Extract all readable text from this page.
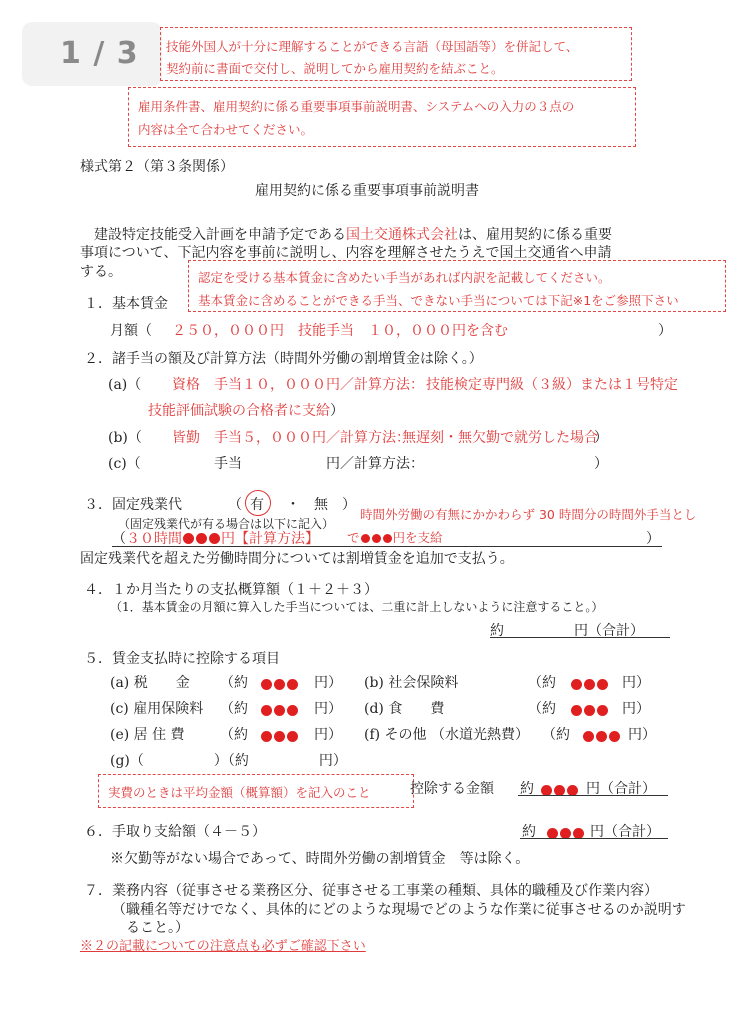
1 / 3 技能外国人が十分に理解することができる言語（母国語等）を併記して、
契約前に書面で交付し、説明してから雇用契約を結ぶこと。
雇用条件書、雇用契約に係る重要事項事前説明書、システムへの入力の３点の
内容は全て合わせてください。
様式第２（第３条関係）
雇用契約に係る重要事項事前説明書
　建設特定技能受入計画を申請予定である国土交通株式会社は、雇用契約に係る重要
事項について、下記内容を事前に説明し、内容を理解させたうえで国土交通省へ申請
する。	認定を受ける基本賃金に含めたい手当があれば内訳を記載してください。
基本賃金に含めることができる手当、できない手当については下記※1をご参照下さい
１．基本賃金
月額（ ２５０，０００円　技能手当　１０，０００円を含む	）
２．諸手当の額及び計算方法（時間外労働の割増賃金は除く。）
(a)（ 資格 手当１０，０００円／計算方法： 技能検定専門級（３級）または１号特定
技能評価試験の合格者に支給）
(b)（ 皆勤 手当５，０００円／計算方法：
無遅刻・無欠勤で就労した場合
）
(c)（	手当　　　　　　円／計算方法：	）
３．固定残業代	（ 有 ・ 無 ）
時間外労働の有無にかかわらず 30 時間分の時間外手当とし
（固定残業代が有る場合は以下に記入）
（３０時間	円【計算方法】 で	円を支給	）
固定残業代を超えた労働時間分については割増賃金を追加で支払う。
４．１か月当たりの支払概算額（１＋２＋３）
（1．基本賃金の月額に算入した手当については、二重に計上しないように注意すること。）
約　　　　　円（合計）
５．賃金支払時に控除する項目
(a) 税　　金 （約	円） (b) 社会保険料	（約	円）
(c) 雇用保険料 （約	円） (d) 食　　費	（約	円）
(e) 居 住 費	（約	円） (f) その他 （水道光熱費） （約	円）
(g)（　　　　　）（約　　　　　円）
実費のときは平均金額（概算額）を記入のこと	控除する金額 約	円（合計）
６．手取り支給額（４－５）	約	円（合計）
※欠勤等がない場合であって、時間外労働の割増賃金　等は除く。
７．業務内容（従事させる業務区分、従事させる工事業の種類、具体的職種及び作業内容）
（職種名等だけでなく、具体的にどのような現場でどのような作業に従事させるのか説明す
ること。）
※２の記載についての注意点も必ずご確認下さい
